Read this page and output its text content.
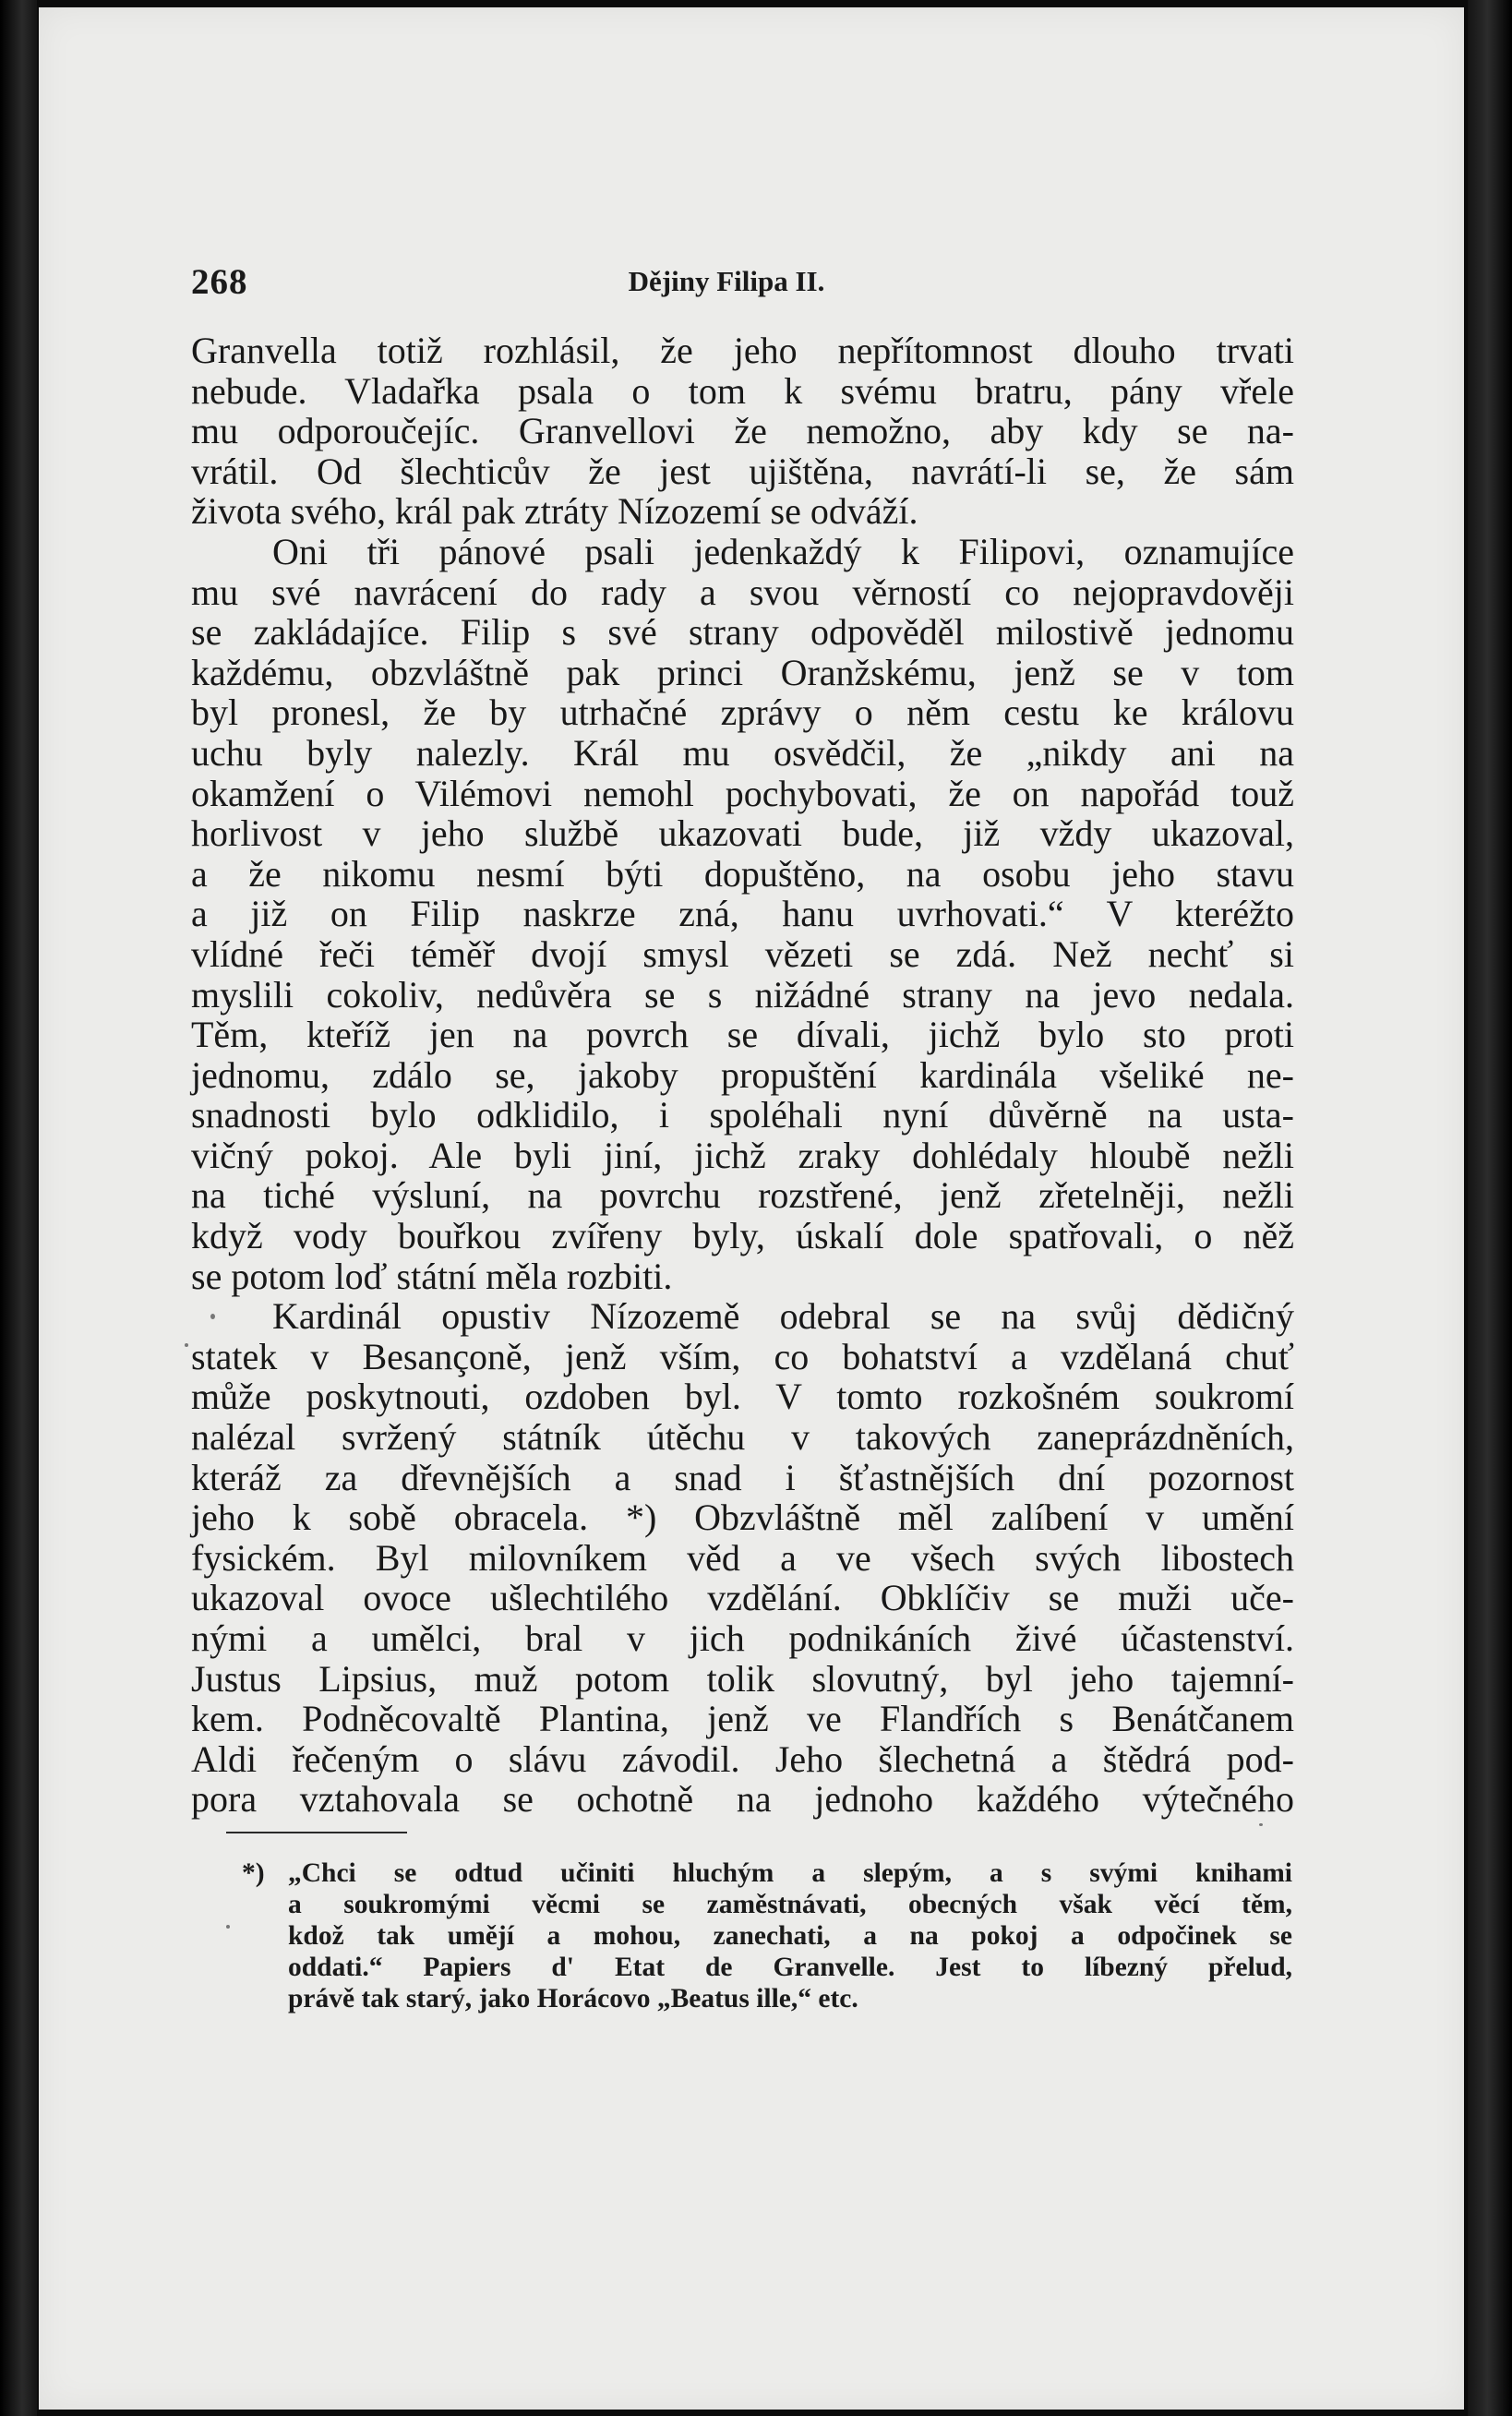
268	Dějiny Filipa II.
Granvella totiž rozhlásil, že jeho nepřítomnost dlouho trvati
nebude. Vladařka psala o tom k svému bratru, pány vřele
mu odporoučejíc. Granvellovi že nemožno, aby kdy se na-
vrátil. Od šlechticův že jest ujištěna, navrátí-li se, že sám
života svého, král pak ztráty Nízozemí se odváží.
Oni tři pánové psali jedenkaždý k Filipovi, oznamujíce
mu své navrácení do rady a svou věrností co nejopravdověji
se zakládajíce. Filip s své strany odpověděl milostivě jednomu
každému, obzvláštně pak princi Oranžskému, jenž se v tom
byl pronesl, že by utrhačné zprávy o něm cestu ke královu
uchu byly nalezly. Král mu osvědčil, že „nikdy ani na
okamžení o Vilémovi nemohl pochybovati, že on napořád touž
horlivost v jeho službě ukazovati bude, již vždy ukazoval,
a že nikomu nesmí býti dopuštěno, na osobu jeho stavu
a již on Filip naskrze zná, hanu uvrhovati.“ V kteréžto
vlídné řeči téměř dvojí smysl vězeti se zdá. Než nechť si
myslili cokoliv, nedůvěra se s nižádné strany na jevo nedala.
Těm, kteříž jen na povrch se dívali, jichž bylo sto proti
jednomu, zdálo se, jakoby propuštění kardinála všeliké ne-
snadnosti bylo odklidilo, i spoléhali nyní důvěrně na usta-
vičný pokoj. Ale byli jiní, jichž zraky dohlédaly hloubě nežli
na tiché výsluní, na povrchu rozstřené, jenž zřetelněji, nežli
když vody bouřkou zvířeny byly, úskalí dole spatřovali, o něž
se potom loď státní měla rozbiti.
Kardinál opustiv Nízozemě odebral se na svůj dědičný
statek v Besançoně, jenž vším, co bohatství a vzdělaná chuť
může poskytnouti, ozdoben byl. V tomto rozkošném soukromí
nalézal svržený státník útěchu v takových zaneprázdněních,
kteráž za dřevnějších a snad i šťastnějších dní pozornost
jeho k sobě obracela. *) Obzvláštně měl zalíbení v umění
fysickém. Byl milovníkem věd a ve všech svých libostech
ukazoval ovoce ušlechtilého vzdělání. Obklíčiv se muži uče-
nými a umělci, bral v jich podnikáních živé účastenství.
Justus Lipsius, muž potom tolik slovutný, byl jeho tajemní-
kem. Podněcovaltě Plantina, jenž ve Flandřích s Benátčanem
Aldi řečeným o slávu závodil. Jeho šlechetná a štědrá pod-
pora vztahovala se ochotně na jednoho každého výtečného
*) „Chci se odtud učiniti hluchým a slepým, a s svými knihami
a soukromými věcmi se zaměstnávati, obecných však věcí těm,
kdož tak umějí a mohou, zanechati, a na pokoj a odpočinek se
oddati.“ Papiers d' Etat de Granvelle. Jest to líbezný přelud,
právě tak starý, jako Horácovo „Beatus ille,“ etc.
